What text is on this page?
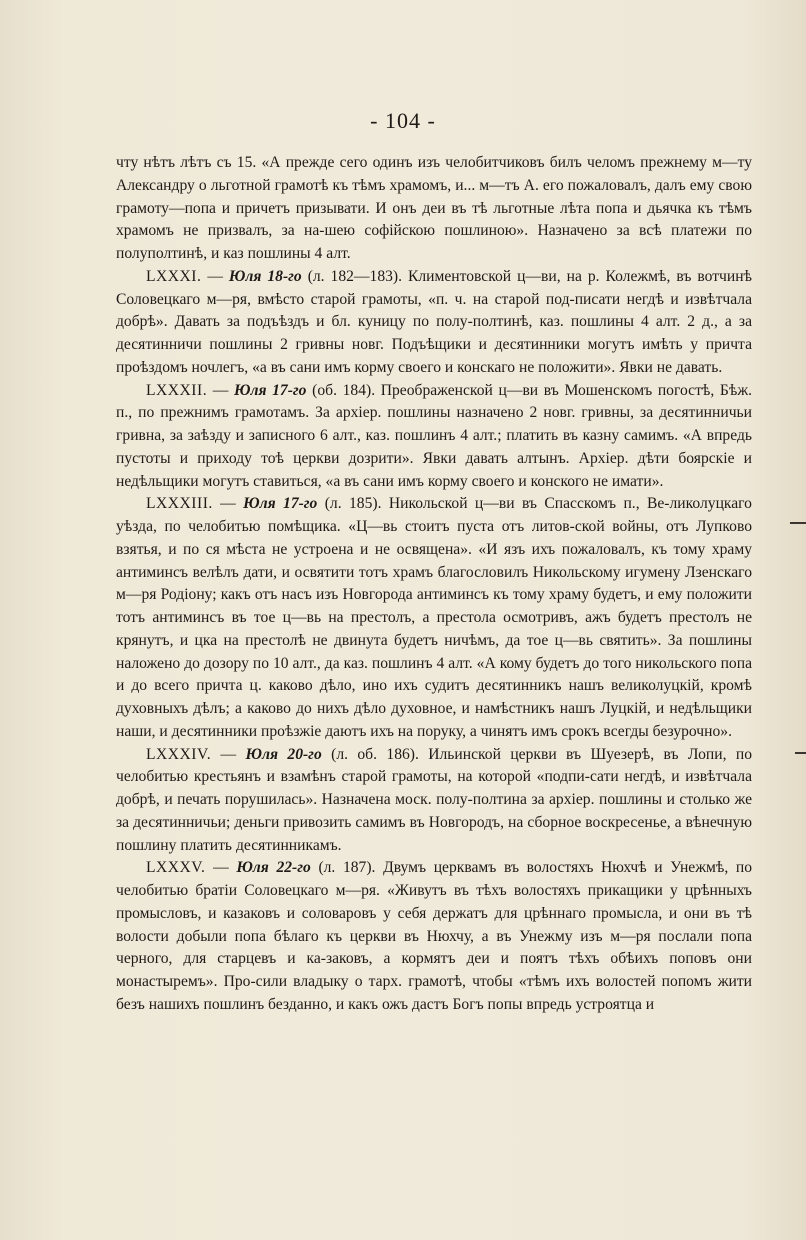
- 104 -

чту нѣтъ лѣтъ съ 15. «А прежде сего одинъ изъ челобитчиковъ билъ челомъ прежнему м—ту Александру о льготной грамотѣ къ тѣмъ храмомъ, и... м—тъ А. его пожаловалъ, далъ ему свою грамоту—попа и причетъ призывати. И онъ деи въ тѣ льготные лѣта попа и дьячка къ тѣмъ храмомъ не призвалъ, за на-шею софійскою пошлиною». Назначено за всѣ платежи по полуполтинѣ, и каз пошлины 4 алт.

LXXXI. — Юля 18-го (л. 182—183). Климентовской ц—ви, на р. Колежмѣ, въ вотчинѣ Соловецкаго м—ря, вмѣсто старой грамоты, «п. ч. на старой под-писати негдѣ и извѣтчала добрѣ». Давать за подъѣздъ и бл. куницу по полу-полтинѣ, каз. пошлины 4 алт. 2 д., а за десятинничи пошлины 2 гривны новг. Подъѣщики и десятинники могутъ имѣть у причта проѣздомъ ночлегъ, «а въ сани имъ корму своего и конскаго не положити». Явки не давать.

LXXXII. — Юля 17-го (об. 184). Преображенской ц—ви въ Мошенскомъ погостѣ, Бѣж. п., по прежнимъ грамотамъ. За архіер. пошлины назначено 2 новг. гривны, за десятинничьи гривна, за заѣзду и записного 6 алт., каз. пошлинъ 4 алт.; платить въ казну самимъ. «А впредь пустоты и приходу тоѣ церкви дозрити». Явки давать алтынъ. Архіер. дѣти боярскіе и недѣльщики могутъ ставиться, «а въ сани имъ корму своего и конского не имати».

LXXXIII. — Юля 17-го (л. 185). Никольской ц—ви въ Спасскомъ п., Ве-ликолуцкаго уѣзда, по челобитью помѣщика. «Ц—вь стоитъ пуста отъ литов-ской войны, отъ Лупково взятья, и по ся мѣста не устроена и не освящена». «И язъ ихъ пожаловалъ, къ тому храму антиминсъ велѣлъ дати, и освятити тотъ храмъ благословилъ Никольскому игумену Лзенскаго м—ря Родіону; какъ отъ насъ изъ Новгорода антиминсъ къ тому храму будетъ, и ему положити тотъ антиминсъ въ тое ц—вь на престолъ, а престола осмотривъ, ажъ будетъ престолъ не крянутъ, и цка на престолѣ не двинута будетъ ничѣмъ, да тое ц—вь святить». За пошлины наложено до дозору по 10 алт., да каз. пошлинъ 4 алт. «А кому будетъ до того никольского попа и до всего причта ц. каково дѣло, ино ихъ судитъ десятинникъ нашъ великолуцкій, кромѣ духовныхъ дѣлъ; а каково до нихъ дѣло духовное, и намѣстникъ нашъ Луцкій, и недѣльщики наши, и десятинники проѣзжіе даютъ ихъ на поруку, а чинятъ имъ срокъ всегды безурочно».

LXXXIV. — Юля 20-го (л. об. 186). Ильинской церкви въ Шуезерѣ, въ Лопи, по челобитью крестьянъ и взамѣнъ старой грамоты, на которой «подпи-сати негдѣ, и извѣтчала добрѣ, и печать порушилась». Назначена моск. полу-полтина за архіер. пошлины и столько же за десятинничьи; деньги привозить самимъ въ Новгородъ, на сборное воскресенье, а вѣнечную пошлину платить десятинникамъ.

LXXXV. — Юля 22-го (л. 187). Двумъ церквамъ въ волостяхъ Нюхчѣ и Унежмѣ, по челобитью братіи Соловецкаго м—ря. «Живутъ въ тѣхъ волостяхъ прикащики у црѣнныхъ промысловъ, и казаковъ и соловаровъ у себя держатъ для црѣннаго промысла, и они въ тѣ волости добыли попа бѣлаго къ церкви въ Нюхчу, а въ Унежму изъ м—ря послали попа черного, для старцевъ и ка-заковъ, а кормятъ деи и поятъ тѣхъ обѣихъ поповъ они монастыремъ». Про-сили владыку о тарх. грамотѣ, чтобы «тѣмъ ихъ волостей попомъ жити безъ нашихъ пошлинъ безданно, и какъ ожъ дастъ Богъ попы впредь устроятца и
